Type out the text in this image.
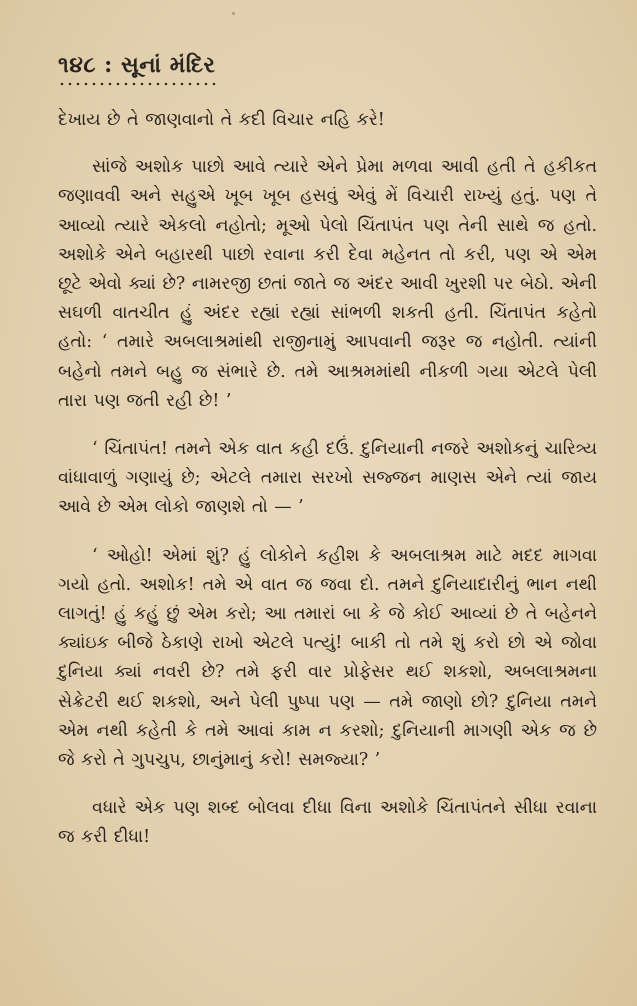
૧૪૮ : સૂનાં મંદિર

દેખાય છે તે જાણવાનો તે કદી વિચાર નહિ કરે!

સાંજે અશોક પાછો આવે ત્યારે એને પ્રેમા મળવા આવી હતી તે હકીકત જણાવવી અને સહુએ ખૂબ ખૂબ હસવું એવું મેં વિચારી રાખ્યું હતું. પણ તે આવ્યો ત્યારે એકલો નહોતો; મૂઓ પેલો ચિંતાપંત પણ તેની સાથે જ હતો. અશોકે એને બહારથી પાછો રવાના કરી દેવા મહેનત તો કરી, પણ એ એમ છૂટે એવો ક્યાં છે? નામરજી છતાં જાતે જ અંદર આવી ખુરશી પર બેઠો. એની સઘળી વાતચીત હું અંદર રહ્યાં રહ્યાં સાંભળી શકતી હતી. ચિંતાપંત કહેતો હતો: ‘ તમારે અબલાશ્રમાંથી રાજીનામું આપવાની જરૂર જ નહોતી. ત્યાંની બહેનો તમને બહુ જ સંભારે છે. તમે આશ્રમમાંથી નીકળી ગયા એટલે પેલી તારા પણ જતી રહી છે! ’

‘ ચિંતાપંત! તમને એક વાત કહી દઉં. દુનિયાની નજરે અશોકનું ચારિત્ર્ય વાંધાવાળું ગણાયું છે; એટલે તમારા સરખો સજ્જન માણસ એને ત્યાં જાય આવે છે એમ લોકો જાણશે તો — ’

‘ ઓહો! એમાં શું? હું લોકોને કહીશ કે અબલાશ્રમ માટે મદદ માગવા ગયો હતો. અશોક! તમે એ વાત જ જવા દો. તમને દુનિયાદારીનું ભાન નથી લાગતું! હું કહું છું એમ કરો; આ તમારાં બા કે જે કોઈ આવ્યાં છે તે બહેનને ક્યાંઇક બીજે ઠેકાણે રાખો એટલે પત્યું! બાકી તો તમે શું કરો છો એ જોવા દુનિયા ક્યાં નવરી છે? તમે ફરી વાર પ્રોફેસર થઈ શકશો, અબલાશ્રમના સેક્રેટરી થઈ શકશો, અને પેલી પુષ્પા પણ — તમે જાણો છો? દુનિયા તમને એમ નથી કહેતી કે તમે આવાં કામ ન કરશો; દુનિયાની માગણી એક જ છે જે કરો તે ગુપચુપ, છાનુંમાનું કરો! સમજ્યા? ’

વધારે એક પણ શબ્દ બોલવા દીધા વિના અશોકે ચિંતાપંતને સીધા રવાના જ કરી દીધા!
